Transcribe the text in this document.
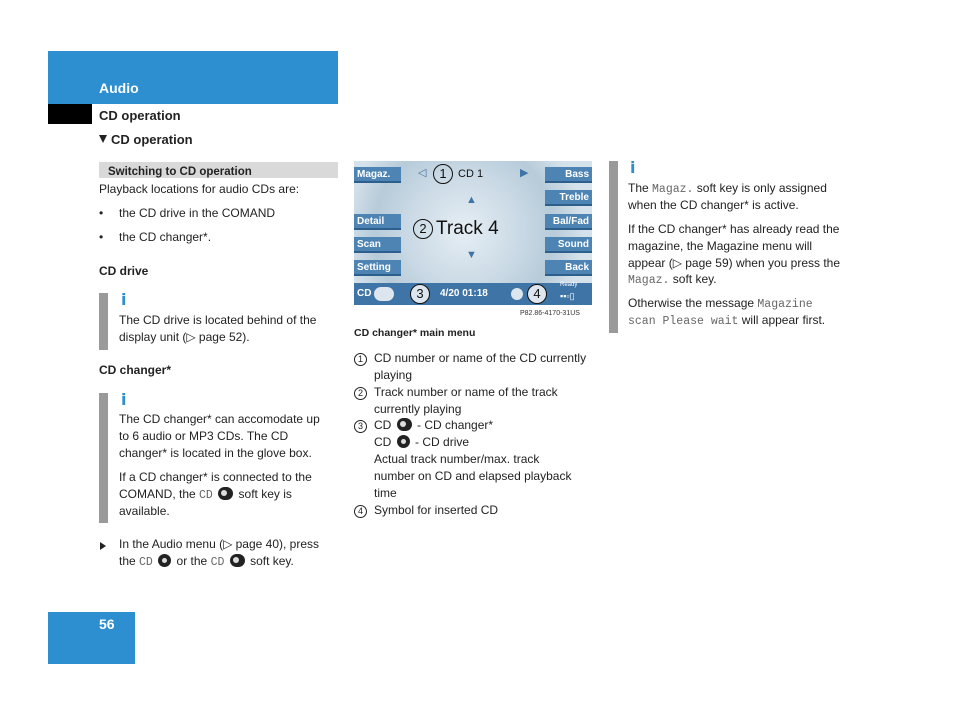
Audio
CD operation
CD operation
Switching to CD operation
Playback locations for audio CDs are:
• the CD drive in the COMAND
• the CD changer*.
CD drive
i
The CD drive is located behind of the
display unit (▷ page 52).
CD changer*
i
The CD changer* can accomodate up
to 6 audio or MP3 CDs. The CD
changer* is located in the glove box.
If a CD changer* is connected to the
COMAND, the CD soft key is
available.
In the Audio menu (▷ page 40), press
the CD or the CD soft key.
Magaz.
Detail
Scan
Setting
Bass
Treble
Bal/Fad
Sound
Back
◁ 1	CD 1	▶
▲
2 Track 4
▼
CD	3	4/20 01:18	4
Ready
▪▪▫▯
P82.86-4170-31US
CD changer* main menu
1 CD number or name of the CD currently
playing
2 Track number or name of the track
currently playing
3 CD - CD changer*
CD - CD drive
Actual track number/max. track
number on CD and elapsed playback
time
4 Symbol for inserted CD
i
The Magaz. soft key is only assigned
when the CD changer* is active.
If the CD changer* has already read the
magazine, the Magazine menu will
appear (▷ page 59) when you press the
Magaz. soft key.
Otherwise the message Magazine
scan Please wait will appear first.
56
